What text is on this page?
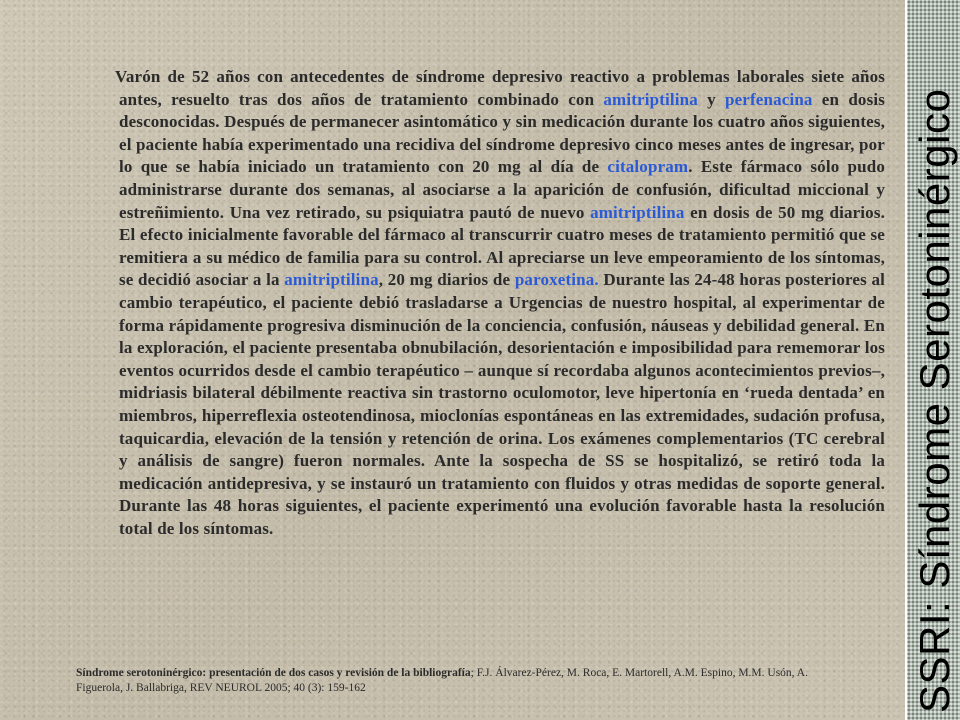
SSRI: Síndrome Serotoninérgico

Varón de 52 años con antecedentes de síndrome depresivo reactivo a problemas laborales siete años antes, resuelto tras dos años de tratamiento combinado con amitriptilina y perfenacina en dosis desconocidas. Después de permanecer asintomático y sin medicación durante los cuatro años siguientes, el paciente había experimentado una recidiva del síndrome depresivo cinco meses antes de ingresar, por lo que se había iniciado un tratamiento con 20 mg al día de citalopram. Este fármaco sólo pudo administrarse durante dos semanas, al asociarse a la aparición de confusión, dificultad miccional y estreñimiento. Una vez retirado, su psiquiatra pautó de nuevo amitriptilina en dosis de 50 mg diarios. El efecto inicialmente favorable del fármaco al transcurrir cuatro meses de tratamiento permitió que se remitiera a su médico de familia para su control. Al apreciarse un leve empeoramiento de los síntomas, se decidió asociar a la amitriptilina, 20 mg diarios de paroxetina. Durante las 24-48 horas posteriores al cambio terapéutico, el paciente debió trasladarse a Urgencias de nuestro hospital, al experimentar de forma rápidamente progresiva disminución de la conciencia, confusión, náuseas y debilidad general. En la exploración, el paciente presentaba obnubilación, desorientación e imposibilidad para rememorar los eventos ocurridos desde el cambio terapéutico – aunque sí recordaba algunos acontecimientos previos–, midriasis bilateral débilmente reactiva sin trastorno oculomotor, leve hipertonía en ‘rueda dentada’ en miembros, hiperreflexia osteotendinosa, mioclonías espontáneas en las extremidades, sudación profusa, taquicardia, elevación de la tensión y retención de orina. Los exámenes complementarios (TC cerebral y análisis de sangre) fueron normales. Ante la sospecha de SS se hospitalizó, se retiró toda la medicación antidepresiva, y se instauró un tratamiento con fluidos y otras medidas de soporte general. Durante las 48 horas siguientes, el paciente experimentó una evolución favorable hasta la resolución total de los síntomas.

Síndrome serotoninérgico: presentación de dos casos y revisión de la bibliografía; F.J. Álvarez-Pérez, M. Roca, E. Martorell, A.M. Espino, M.M. Usón, A. Figuerola, J. Ballabriga, REV NEUROL 2005; 40 (3): 159-162
